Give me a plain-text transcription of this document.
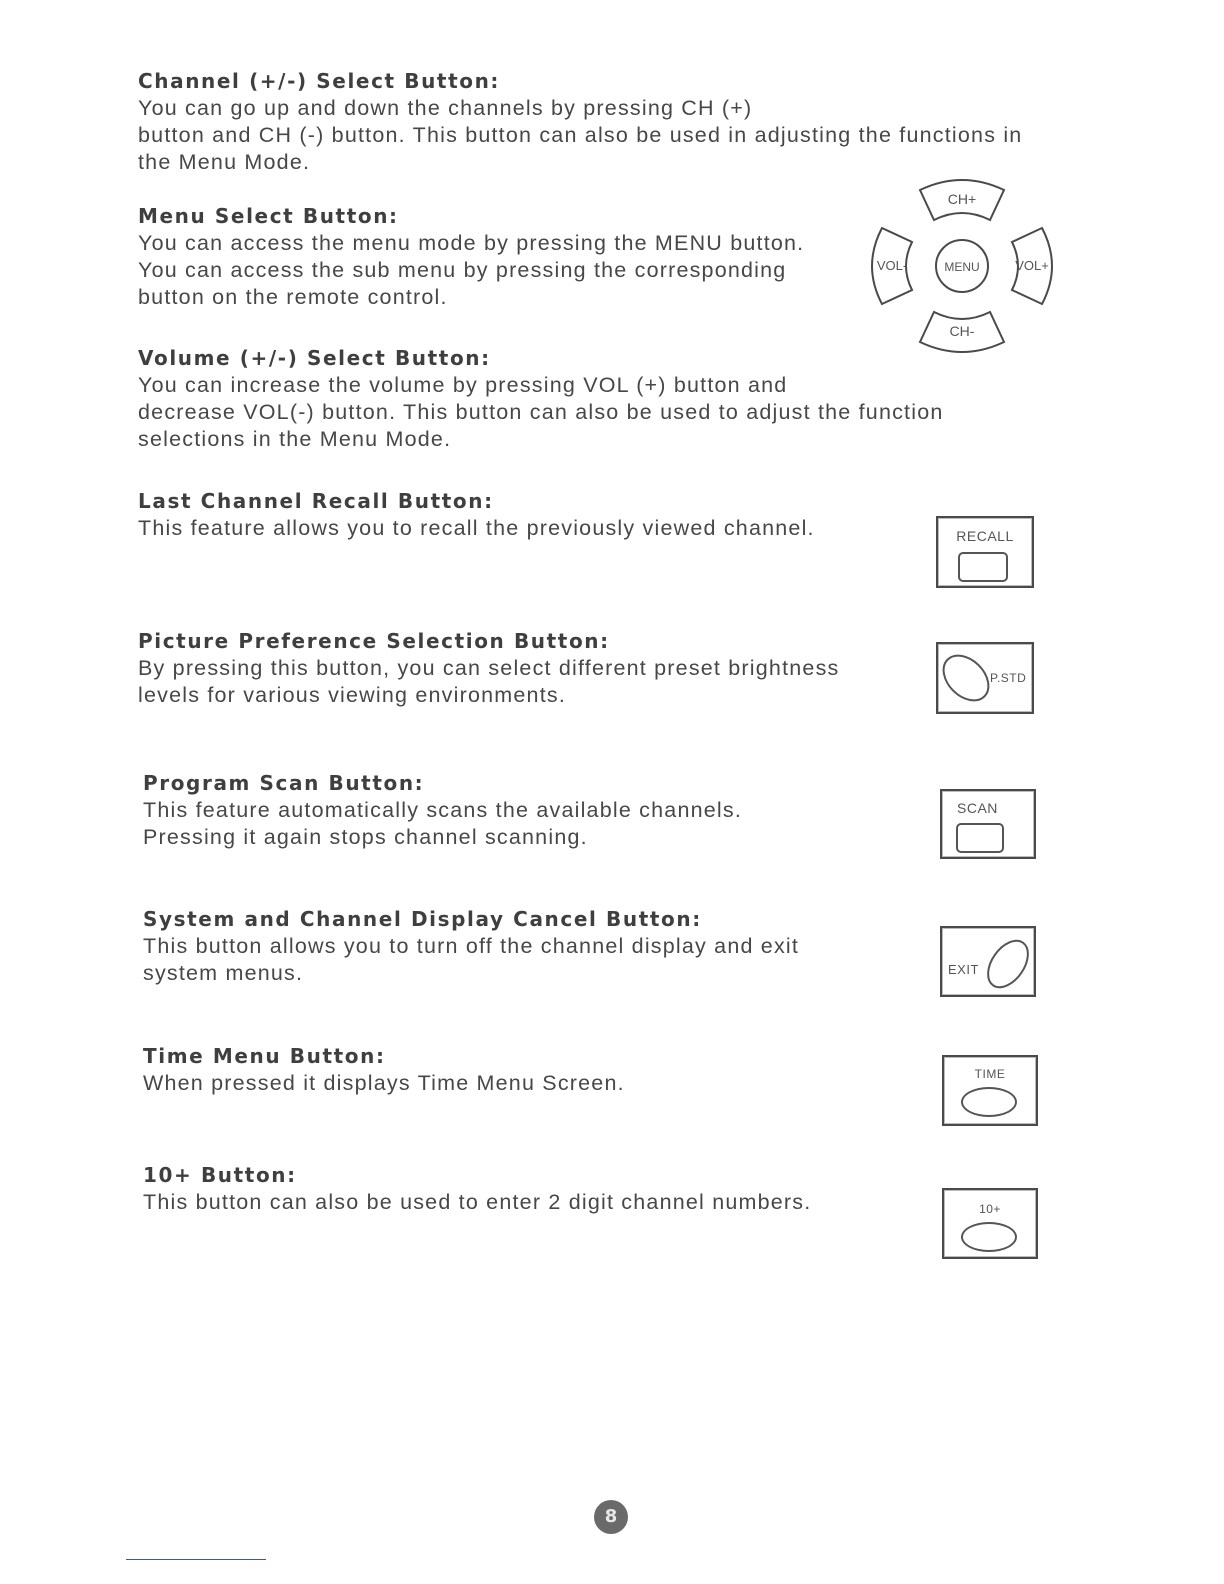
Channel (+/-) Select Button:
You can go up and down the channels by pressing CH (+)
button and CH (-) button. This button can also be used in adjusting the functions in
the Menu Mode.
Menu Select Button:
You can access the menu mode by pressing the MENU button.
You can access the sub menu by pressing the corresponding
button on the remote control.
Volume (+/-) Select Button:
You can increase the volume by pressing VOL (+) button and
decrease VOL(-) button. This button can also be used to adjust the function
selections in the Menu Mode.
Last Channel Recall Button:
This feature allows you to recall the previously viewed channel.
Picture Preference Selection Button:
By pressing this button, you can select different preset brightness
levels for various viewing environments.
Program Scan Button:
This feature automatically scans the available channels.
Pressing it again stops channel scanning.
System and Channel Display Cancel Button:
This button allows you to turn off the channel display and exit
system menus.
Time Menu Button:
When pressed it displays Time Menu Screen.
10+ Button:
This button can also be used to enter 2 digit channel numbers.
CH+
CH-
VOL-	VOL+
MENU
RECALL
P.STD
SCAN
EXIT
TIME
10+
8
